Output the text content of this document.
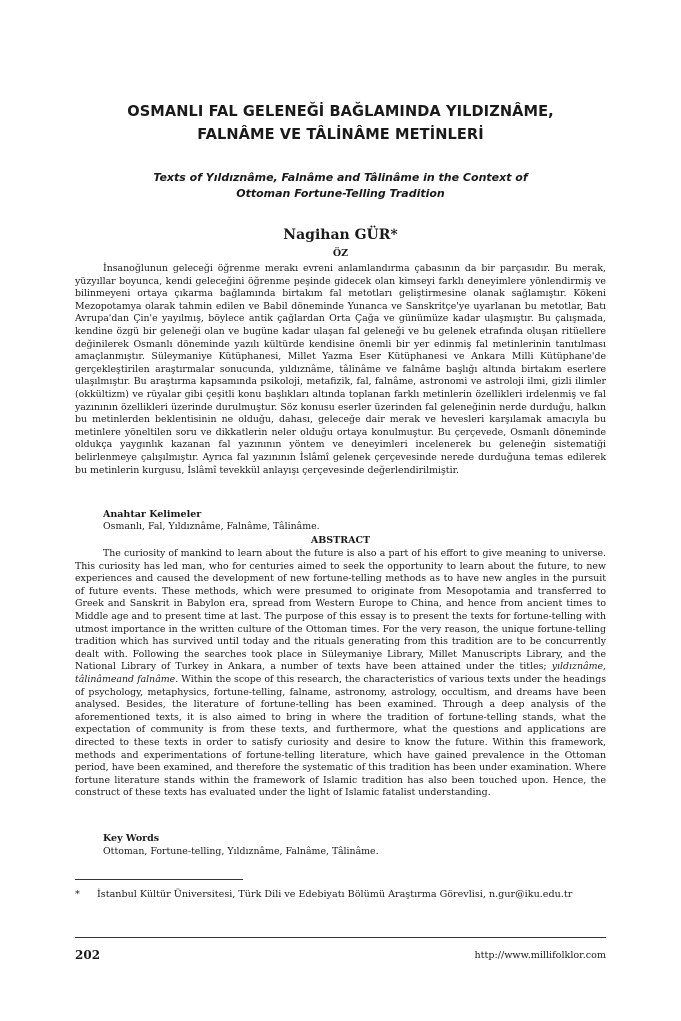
OSMANLI FAL GELENEĞİ BAĞLAMINDA YILDIZNÂME,
FALNÂME VE TÂLİNÂME METİNLERİ
Texts of Yıldıznâme, Falnâme and Tâlinâme in the Context of
Ottoman Fortune-Telling Tradition
Nagihan GÜR*
ÖZ

İnsanoğlunun geleceği öğrenme merakı evreni anlamlandırma çabasının da bir parçasıdır. Bu merak, yüzyıllar boyunca, kendi geleceğini öğrenme peşinde gidecek olan kimseyi farklı deneyimlere yönlendirmiş ve bilinmeyeni ortaya çıkarma bağlamında birtakım fal metotları geliştirmesine olanak sağlamıştır. Kökeni Mezopotamya olarak tahmin edilen ve Babil döneminde Yunanca ve Sanskritçe'ye uyarlanan bu metotlar, Batı Avrupa'dan Çin'e yayılmış, böylece antik çağlardan Orta Çağa ve günümüze kadar ulaşmıştır. Bu çalışmada, kendine özgü bir geleneği olan ve bugüne kadar ulaşan fal geleneği ve bu gelenek etrafında oluşan ritüellere değinilerek Osmanlı döneminde yazılı kültürde kendisine önemli bir yer edinmiş fal metinlerinin tanıtılması amaçlanmıştır. Süleymaniye Kütüphanesi, Millet Yazma Eser Kütüphanesi ve Ankara Milli Kütüphane'de gerçekleştirilen araştırmalar sonucunda, yıldıznâme, tâlinâme ve falnâme başlığı altında birtakım eserlere ulaşılmıştır. Bu araştırma kapsamında psikoloji, metafizik, fal, falnâme, astronomi ve astroloji ilmi, gizli ilimler (okkültizm) ve rüyalar gibi çeşitli konu başlıkları altında toplanan farklı metinlerin özellikleri irdelenmiş ve fal yazınının özellikleri üzerinde durulmuştur. Söz konusu eserler üzerinden fal geleneğinin nerde durduğu, halkın bu metinlerden beklentisinin ne olduğu, dahası, geleceğe dair merak ve hevesleri karşılamak amacıyla bu metinlere yöneltilen soru ve dikkatlerin neler olduğu ortaya konulmuştur. Bu çerçevede, Osmanlı döneminde oldukça yaygınlık kazanan fal yazınının yöntem ve deneyimleri incelenerek bu geleneğin sistematiği belirlenmeye çalışılmıştır. Ayrıca fal yazınının İslâmî gelenek çerçevesinde nerede durduğuna temas edilerek bu metinlerin kurgusu, İslâmî tevekkül anlayışı çerçevesinde değerlendirilmiştir.

Anahtar Kelimeler
Osmanlı, Fal, Yıldıznâme, Falnâme, Tâlinâme.
ABSTRACT

The curiosity of mankind to learn about the future is also a part of his effort to give meaning to universe. This curiosity has led man, who for centuries aimed to seek the opportunity to learn about the future, to new experiences and caused the development of new fortune-telling methods as to have new angles in the pursuit of future events. These methods, which were presumed to originate from Mesopotamia and transferred to Greek and Sanskrit in Babylon era, spread from Western Europe to China, and hence from ancient times to Middle age and to present time at last. The purpose of this essay is to present the texts for fortune-telling with utmost importance in the written culture of the Ottoman times. For the very reason, the unique fortune-telling tradition which has survived until today and the rituals generating from this tradition are to be concurrently dealt with. Following the searches took place in Süleymaniye Library, Millet Manuscripts Library, and the National Library of Turkey in Ankara, a number of texts have been attained under the titles; yıldıznâme, tâlinâmeand falnâme. Within the scope of this research, the characteristics of various texts under the headings of psychology, metaphysics, fortune-telling, falname, astronomy, astrology, occultism, and dreams have been analysed. Besides, the literature of fortune-telling has been examined. Through a deep analysis of the aforementioned texts, it is also aimed to bring in where the tradition of fortune-telling stands, what the expectation of community is from these texts, and furthermore, what the questions and applications are directed to these texts in order to satisfy curiosity and desire to know the future. Within this framework, methods and experimentations of fortune-telling literature, which have gained prevalence in the Ottoman period, have been examined, and therefore the systematic of this tradition has been under examination. Where fortune literature stands within the framework of Islamic tradition has also been touched upon. Hence, the construct of these texts has evaluated under the light of Islamic fatalist understanding.

Key Words
Ottoman, Fortune-telling, Yıldıznâme, Falnâme, Tâlinâme.
* İstanbul Kültür Üniversitesi, Türk Dili ve Edebiyatı Bölümü Araştırma Görevlisi, n.gur@iku.edu.tr
202	http://www.millifolklor.com
